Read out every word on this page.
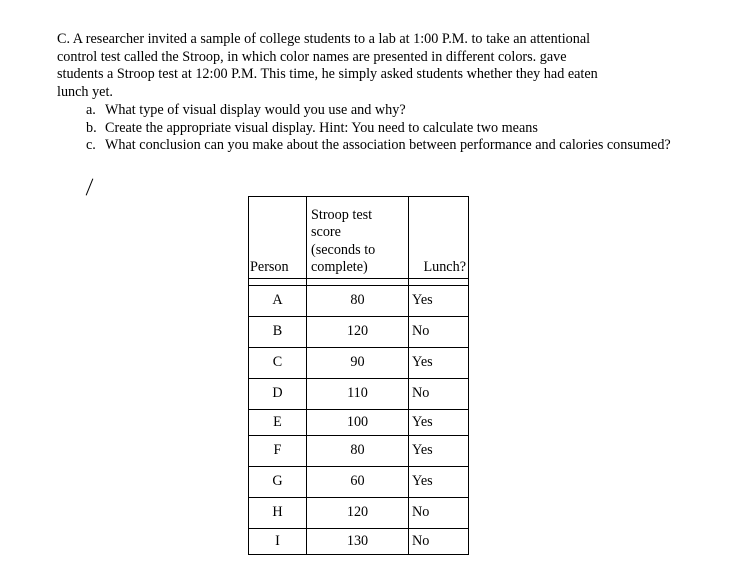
C. A researcher invited a sample of college students to a lab at 1:00 P.M. to take an attentional

control test called the Stroop, in which color names are presented in different colors. gave

students a Stroop test at 12:00 P.M. This time, he simply asked students whether they had eaten

lunch yet.

a. What type of visual display would you use and why?
b. Create the appropriate visual display. Hint: You need to calculate two means
c. What conclusion can you make about the association between performance and calories consumed?
Person	Stroop test
score
(seconds to
complete)	Lunch?

A	80	Yes
B	120	No
C	90	Yes
D	110	No
E	100	Yes
F	80	Yes
G	60	Yes
H	120	No
I	130	No
